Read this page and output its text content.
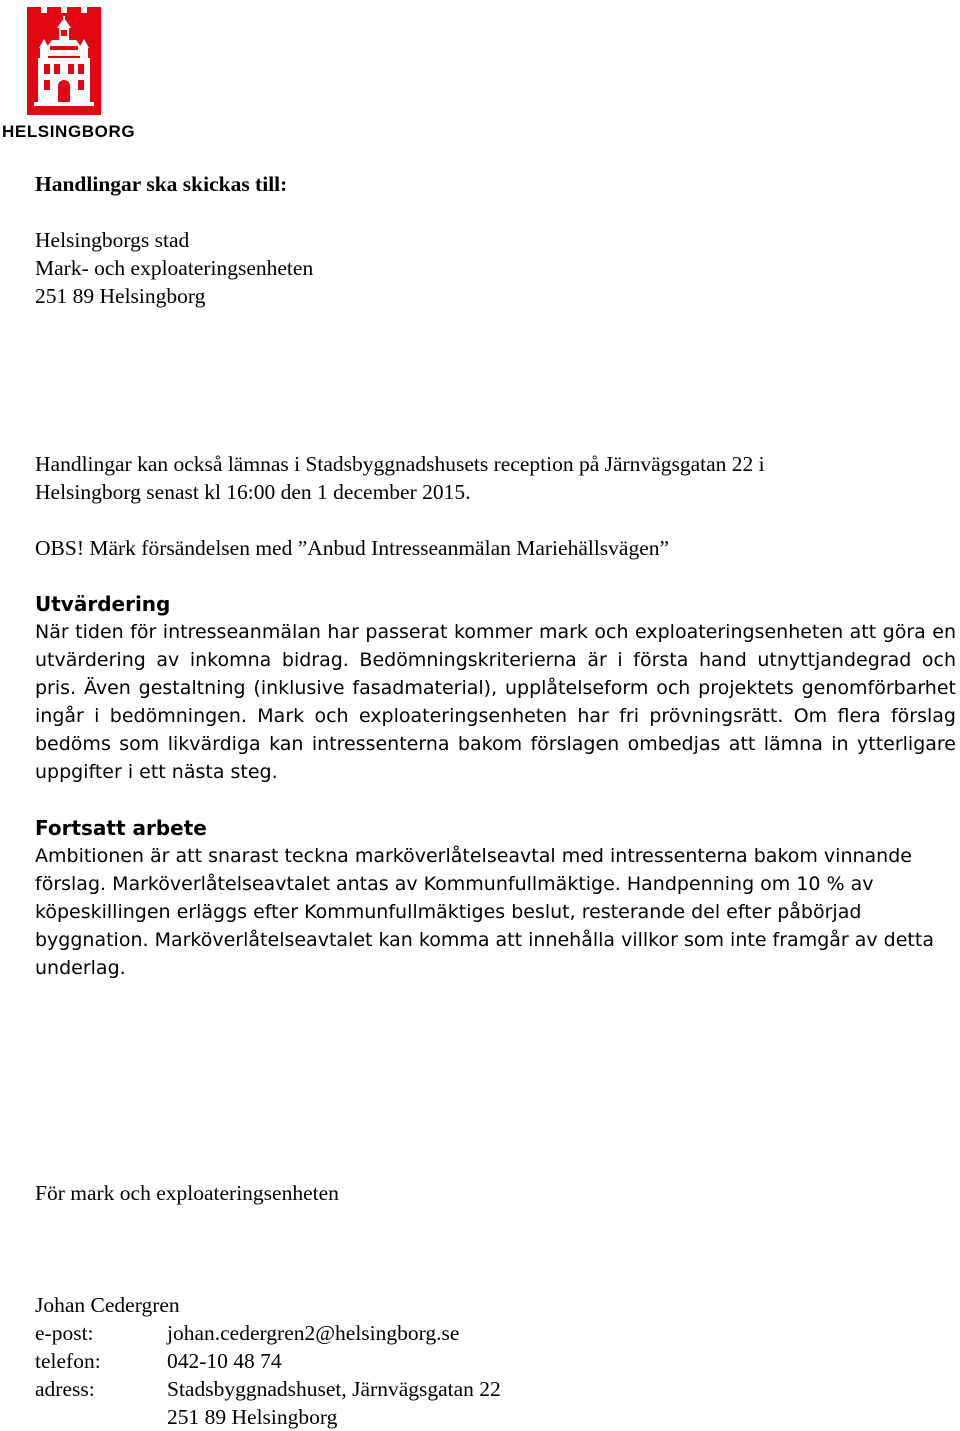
HELSINGBORG

Handlingar ska skickas till:

Helsingborgs stad

Mark- och exploateringsenheten

251 89 Helsingborg

Handlingar kan också lämnas i Stadsbyggnadshusets reception på Järnvägsgatan 22 i

Helsingborg senast kl 16:00 den 1 december 2015.

OBS! Märk försändelsen med ”Anbud Intresseanmälan Mariehällsvägen”

Utvärdering

När tiden för intresseanmälan har passerat kommer mark och exploateringsenheten att göra en utvärdering av inkomna bidrag. Bedömningskriterierna är i första hand utnyttjandegrad och pris. Även gestaltning (inklusive fasadmaterial), upplåtelseform och projektets genomförbarhet ingår i bedömningen. Mark och exploateringsenheten har fri prövningsrätt. Om flera förslag bedöms som likvärdiga kan intressenterna bakom förslagen ombedjas att lämna in ytterligare uppgifter i ett nästa steg.

Fortsatt arbete

Ambitionen är att snarast teckna marköverlåtelseavtal med intressenterna bakom vinnande förslag. Marköverlåtelseavtalet antas av Kommunfullmäktige. Handpenning om 10 % av köpeskillingen erläggs efter Kommunfullmäktiges beslut, resterande del efter påbörjad byggnation. Marköverlåtelseavtalet kan komma att innehålla villkor som inte framgår av detta underlag.

För mark och exploateringsenheten

Johan Cedergren

e-post:	johan.cedergren2@helsingborg.se
telefon:	042-10 48 74
adress:	Stadsbyggnadshuset, Järnvägsgatan 22
251 89 Helsingborg
